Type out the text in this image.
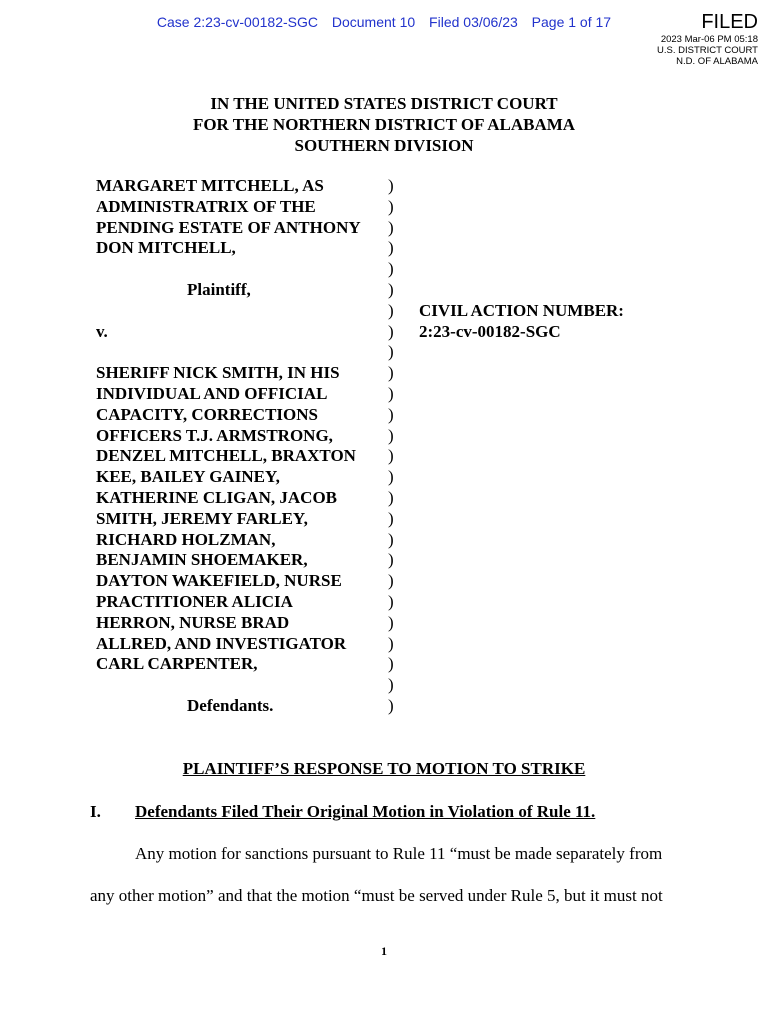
Case 2:23-cv-00182-SGC Document 10 Filed 03/06/23 Page 1 of 17	FILED
2023 Mar-06 PM 05:18
U.S. DISTRICT COURT
N.D. OF ALABAMA
IN THE UNITED STATES DISTRICT COURT
FOR THE NORTHERN DISTRICT OF ALABAMA
SOUTHERN DIVISION
MARGARET MITCHELL, AS	)
ADMINISTRATRIX OF THE	)
PENDING ESTATE OF ANTHONY )
DON MITCHELL,	)
)
Plaintiff,	)
) CIVIL ACTION NUMBER:
v.	) 2:23-cv-00182-SGC
)
SHERIFF NICK SMITH, IN HIS	)
INDIVIDUAL AND OFFICIAL	)
CAPACITY, CORRECTIONS	)
OFFICERS T.J. ARMSTRONG,	)
DENZEL MITCHELL, BRAXTON )
KEE, BAILEY GAINEY,	)
KATHERINE CLIGAN, JACOB	)
SMITH, JEREMY FARLEY,	)
RICHARD HOLZMAN,	)
BENJAMIN SHOEMAKER,	)
DAYTON WAKEFIELD, NURSE	)
PRACTITIONER ALICIA	)
HERRON, NURSE BRAD	)
ALLRED, AND INVESTIGATOR )
CARL CARPENTER,	)
)
Defendants.	)
PLAINTIFF’S RESPONSE TO MOTION TO STRIKE
I. Defendants Filed Their Original Motion in Violation of Rule 11.
Any motion for sanctions pursuant to Rule 11 “must be made separately from
any other motion” and that the motion “must be served under Rule 5, but it must not
1
